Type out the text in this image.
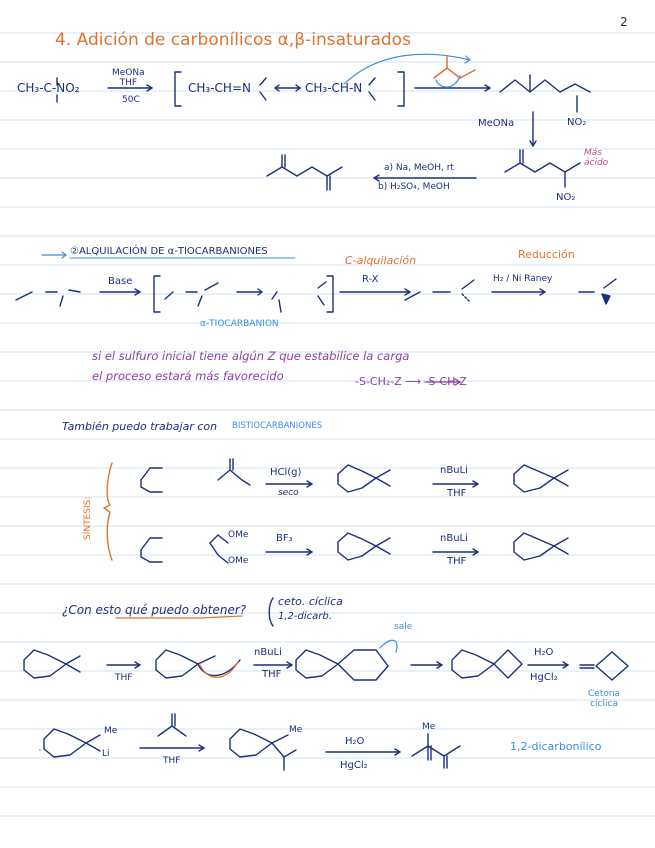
2
4. Adición de carbonílicos α,β-insaturados
CH₃-C-NO₂
MeONa
THF
50C
CH₃-CH=N	CH₃-CH-N
MeONa	NO₂
Más
ácido
a) Na, MeOH, rt
b) H₂SO₄, MeOH
NO₂
②ALQUILACIÓN DE α-TIOCARBANIONES
C-alquilación	Reducción
Base	R-X	H₂ / Ni Raney
α-TIOCARBANION
si el sulfuro inicial tiene algún Z que estabilice la carga
el proceso estará más favorecido	-S-CH₂-Z ⟶ -S-CH-Z
También puedo trabajar con BISTIOCARBANIONES
SÍNTESIS:
HCl(g)
seco
nBuLi
THF
BF₃	nBuLi
THF
OMe
OMe
¿Con esto qué puedo obtener?
ceto. cíclica
1,2-dicarb.
sale
THF
nBuLi
THF
H₂O
HgCl₂
Cetona
cíclica
THF
H₂O
HgCl₂
1,2-dicarbonílico
Me
Li
Me	Me
